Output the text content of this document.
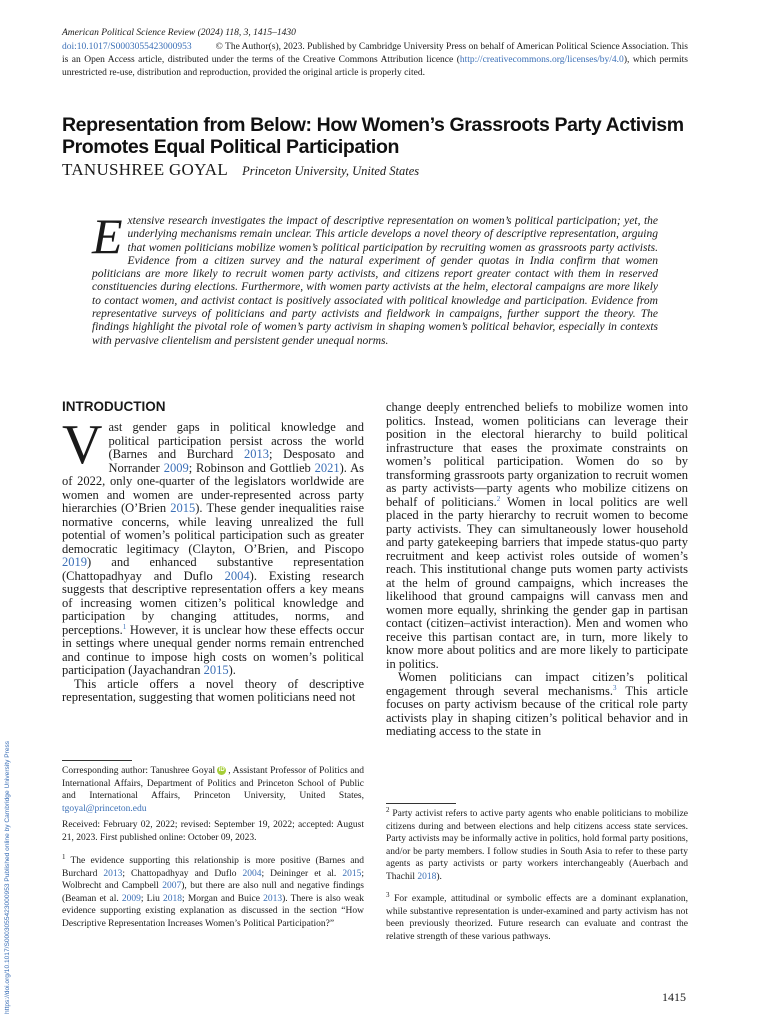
https://doi.org/10.1017/S0003055423000953 Published online by Cambridge University Press
American Political Science Review (2024) 118, 3, 1415–1430
doi:10.1017/S0003055423000953	© The Author(s), 2023. Published by Cambridge University Press on behalf of American Political Science Association. This is an Open Access article, distributed under the terms of the Creative Commons Attribution licence (http://creativecommons.org/licenses/by/4.0), which permits unrestricted re-use, distribution and reproduction, provided the original article is properly cited.
Representation from Below: How Women’s Grassroots Party Activism Promotes Equal Political Participation
TANUSHREE GOYAL Princeton University, United States
Extensive research investigates the impact of descriptive representation on women’s political participation; yet, the underlying mechanisms remain unclear. This article develops a novel theory of descriptive representation, arguing that women politicians mobilize women’s political participation by recruiting women as grassroots party activists. Evidence from a citizen survey and the natural experiment of gender quotas in India confirm that women politicians are more likely to recruit women party activists, and citizens report greater contact with them in reserved constituencies during elections. Furthermore, with women party activists at the helm, electoral campaigns are more likely to contact women, and activist contact is positively associated with political knowledge and participation. Evidence from representative surveys of politicians and party activists and fieldwork in campaigns, further support the theory. The findings highlight the pivotal role of women’s party activism in shaping women’s political behavior, especially in contexts with pervasive clientelism and persistent gender unequal norms.
INTRODUCTION

Vast gender gaps in political knowledge and political participation persist across the world (Barnes and Burchard 2013; Desposato and Norrander 2009; Robinson and Gottlieb 2021). As of 2022, only one-quarter of the legislators worldwide are women and women are under-represented across party hierarchies (O’Brien 2015). These gender inequalities raise normative concerns, while leaving unrealized the full potential of women’s political participation such as greater democratic legitimacy (Clayton, O’Brien, and Piscopo 2019) and enhanced substantive representation (Chattopadhyay and Duflo 2004). Existing research suggests that descriptive representation offers a key means of increasing women citizen’s political knowledge and participation by changing attitudes, norms, and perceptions.$^1$ However, it is unclear how these effects occur in settings where unequal gender norms remain entrenched and continue to impose high costs on women’s political participation (Jayachandran 2015).

This article offers a novel theory of descriptive representation, suggesting that women politicians need not

change deeply entrenched beliefs to mobilize women into politics. Instead, women politicians can leverage their position in the electoral hierarchy to build political infrastructure that eases the proximate constraints on women’s political participation. Women do so by transforming grassroots party organization to recruit women as party activists—party agents who mobilize citizens on behalf of politicians.$^2$ Women in local politics are well placed in the party hierarchy to recruit women to become party activists. They can simultaneously lower household and party gatekeeping barriers that impede status-quo party recruitment and keep activist roles outside of women’s reach. This institutional change puts women party activists at the helm of ground campaigns, which increases the likelihood that ground campaigns will canvass men and women more equally, shrinking the gender gap in partisan contact (citizen–activist interaction). Men and women who receive this partisan contact are, in turn, more likely to know more about politics and are more likely to participate in politics.

Women politicians can impact citizen’s political engagement through several mechanisms.$^3$ This article focuses on party activism because of the critical role party activists play in shaping citizen’s political behavior and in mediating access to the state in

Corresponding author: Tanushree Goyal iD , Assistant Professor of Politics and International Affairs, Department of Politics and Princeton School of Public and International Affairs, Princeton University, United States, tgoyal@princeton.edu
Received: February 02, 2022; revised: September 19, 2022; accepted: August 21, 2023. First published online: October 09, 2023.
$^1$ The evidence supporting this relationship is more positive (Barnes and Burchard 2013; Chattopadhyay and Duflo 2004; Deininger et al. 2015; Wolbrecht and Campbell 2007), but there are also null and negative findings (Beaman et al. 2009; Liu 2018; Morgan and Buice 2013). There is also weak evidence supporting existing explanation as discussed in the section “How Descriptive Representation Increases Women’s Political Participation?”
$^2$ Party activist refers to active party agents who enable politicians to mobilize citizens during and between elections and help citizens access state services. Party activists may be informally active in politics, hold formal party positions, and/or be party members. I follow studies in South Asia to refer to these party agents as party activists or party workers interchangeably (Auerbach and Thachil 2018).
$^3$ For example, attitudinal or symbolic effects are a dominant explanation, while substantive representation is under-examined and party activism has not been previously theorized. Future research can evaluate and contrast the relative strength of these various pathways.
1415
